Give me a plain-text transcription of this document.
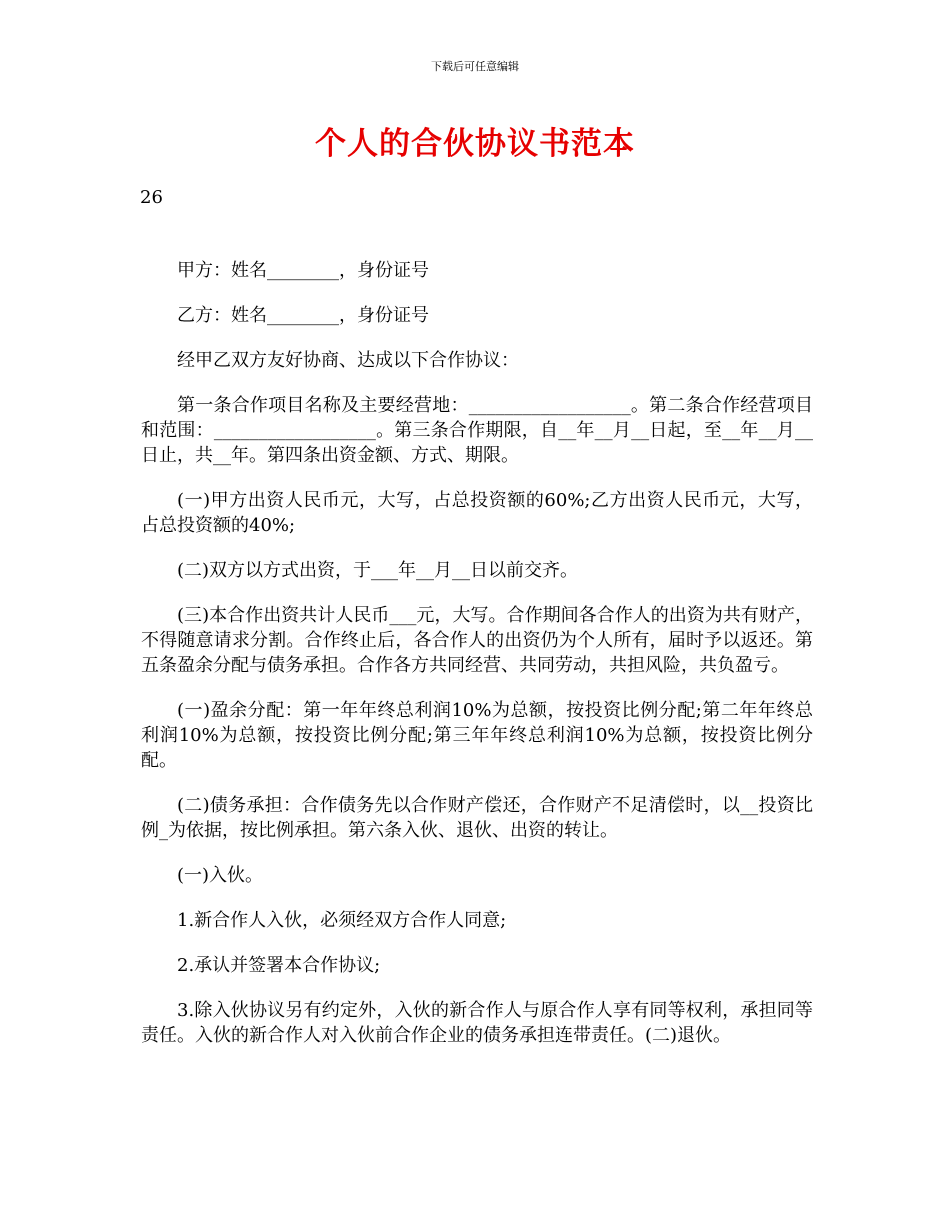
下载后可任意编辑
个人的合伙协议书范本
26

甲方：姓名________，身份证号

乙方：姓名________，身份证号

经甲乙双方友好协商、达成以下合作协议：

第一条合作项目名称及主要经营地：__________________。第二条合作经营项目和范围：__________________。第三条合作期限，自__年__月__日起，至__年__月__日止，共__年。第四条出资金额、方式、期限。

(一)甲方出资人民币元，大写，占总投资额的60%;乙方出资人民币元，大写，占总投资额的40%;

(二)双方以方式出资，于___年__月__日以前交齐。

(三)本合作出资共计人民币___元，大写。合作期间各合作人的出资为共有财产，不得随意请求分割。合作终止后，各合作人的出资仍为个人所有，届时予以返还。第五条盈余分配与债务承担。合作各方共同经营、共同劳动，共担风险，共负盈亏。

(一)盈余分配：第一年年终总利润10%为总额，按投资比例分配;第二年年终总利润10%为总额，按投资比例分配;第三年年终总利润10%为总额，按投资比例分配。

(二)债务承担：合作债务先以合作财产偿还，合作财产不足清偿时，以__投资比例_为依据，按比例承担。第六条入伙、退伙、出资的转让。

(一)入伙。

1.新合作人入伙，必须经双方合作人同意;

2.承认并签署本合作协议;

3.除入伙协议另有约定外，入伙的新合作人与原合作人享有同等权利，承担同等责任。入伙的新合作人对入伙前合作企业的债务承担连带责任。(二)退伙。
